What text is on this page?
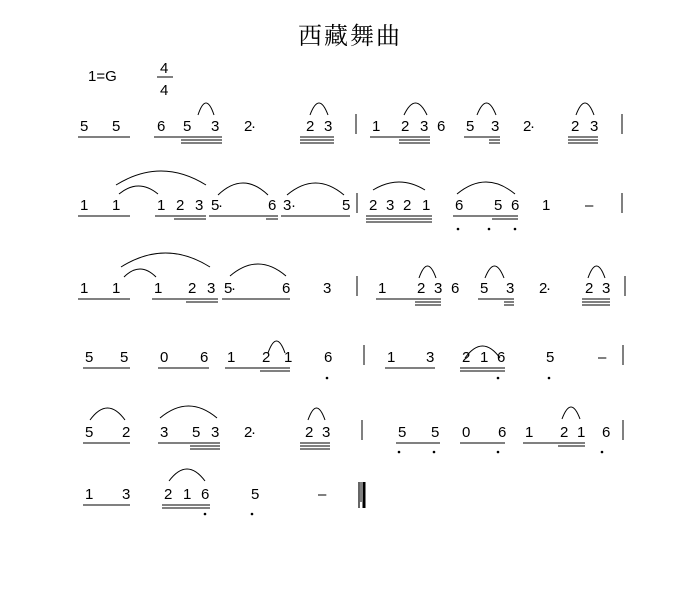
西藏舞曲
1=G	4
4
5 5 6 5 3 2
·	2 3	1 2 3 6 5 3 2
· 2 3
1 1 1 2 3 5
·	6 3 ·	5 2 3 2 1 6 5 6 1 –
1 1 1 2 3 5
·	6 3	1 2 3 6 5 3 2
· 2 3
5 5 0 6 1 2 1 6	1 3 2 1 6	5	–
5 2 3 5 3 2
·	2 3	5 5 0 6 1 2 1 6
1 3 2 1 6	5	–
